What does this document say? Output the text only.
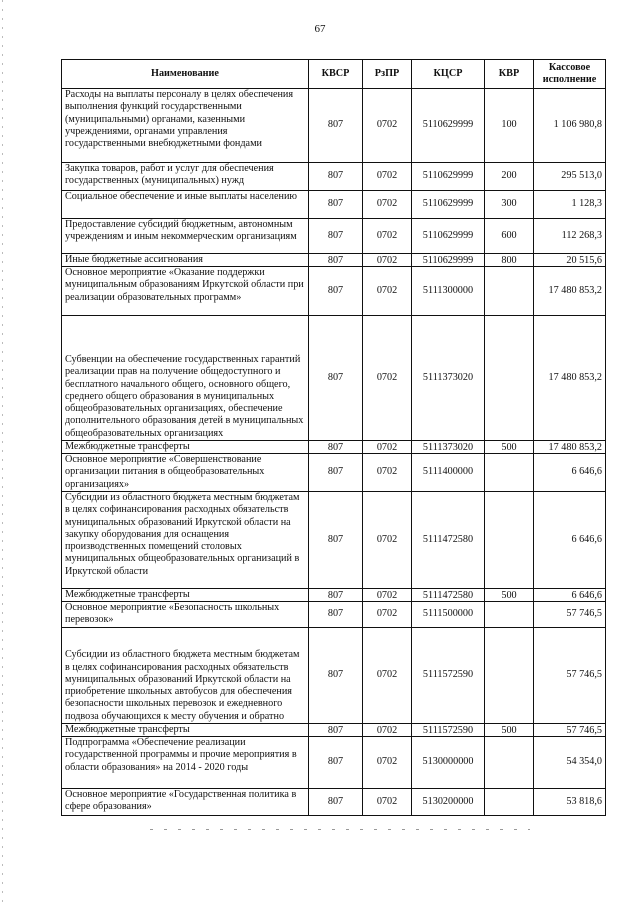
67
Наименование	КВСР	РзПР	КЦСР	КВР	Кассовое исполнение
Расходы на выплаты персоналу в целях обеспечения выполнения функций государственными (муниципальными) органами, казенными учреждениями, органами управления государственными внебюджетными фондами	807	0702	5110629999	100	1 106 980,8
Закупка товаров, работ и услуг для обеспечения государственных (муниципальных) нужд	807	0702	5110629999	200	295 513,0
Социальное обеспечение и иные выплаты населению	807	0702	5110629999	300	1 128,3
Предоставление субсидий бюджетным, автономным учреждениям и иным некоммерческим организациям	807	0702	5110629999	600	112 268,3
Иные бюджетные ассигнования	807	0702	5110629999	800	20 515,6
Основное мероприятие «Оказание поддержки муниципальным образованиям Иркутской области при реализации образовательных программ»	807	0702	5111300000		17 480 853,2
Субвенции на обеспечение государственных гарантий реализации прав на получение общедоступного и бесплатного начального общего, основного общего, среднего общего образования в муниципальных общеобразовательных организациях, обеспечение дополнительного образования детей в муниципальных общеобразовательных организациях	807	0702	5111373020		17 480 853,2
Межбюджетные трансферты	807	0702	5111373020	500	17 480 853,2
Основное мероприятие «Совершенствование организации питания в общеобразовательных организациях»	807	0702	5111400000		6 646,6
Субсидии из областного бюджета местным бюджетам в целях софинансирования расходных обязательств муниципальных образований Иркутской области на закупку оборудования для оснащения производственных помещений столовых муниципальных общеобразовательных организаций в Иркутской области	807	0702	5111472580		6 646,6
Межбюджетные трансферты	807	0702	5111472580	500	6 646,6
Основное мероприятие «Безопасность школьных перевозок»	807	0702	5111500000		57 746,5
Субсидии из областного бюджета местным бюджетам в целях софинансирования расходных обязательств муниципальных образований Иркутской области на приобретение школьных автобусов для обеспечения безопасности школьных перевозок и ежедневного подвоза обучающихся к месту обучения и обратно	807	0702	5111572590		57 746,5
Межбюджетные трансферты	807	0702	5111572590	500	57 746,5
Подпрограмма «Обеспечение реализации государственной программы и прочие мероприятия в области образования» на 2014 - 2020 годы	807	0702	5130000000		54 354,0
Основное мероприятие «Государственная политика в сфере образования»	807	0702	5130200000		53 818,6
